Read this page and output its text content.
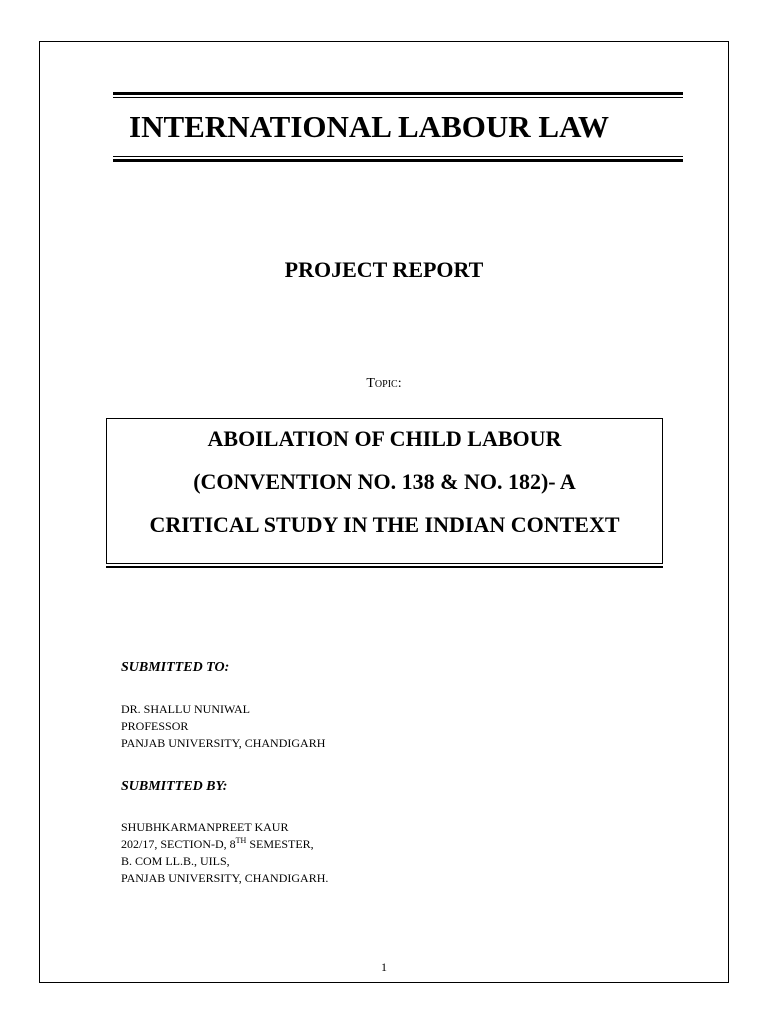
INTERNATIONAL LABOUR LAW
PROJECT REPORT
Topic:
ABOILATION OF CHILD LABOUR
(CONVENTION NO. 138 & NO. 182)- A
CRITICAL STUDY IN THE INDIAN CONTEXT
SUBMITTED TO:
DR. SHALLU NUNIWAL
PROFESSOR
PANJAB UNIVERSITY, CHANDIGARH
SUBMITTED BY:
SHUBHKARMANPREET KAUR
202/17, SECTION-D, 8TH SEMESTER,
B. COM LL.B., UILS,
PANJAB UNIVERSITY, CHANDIGARH.
1
